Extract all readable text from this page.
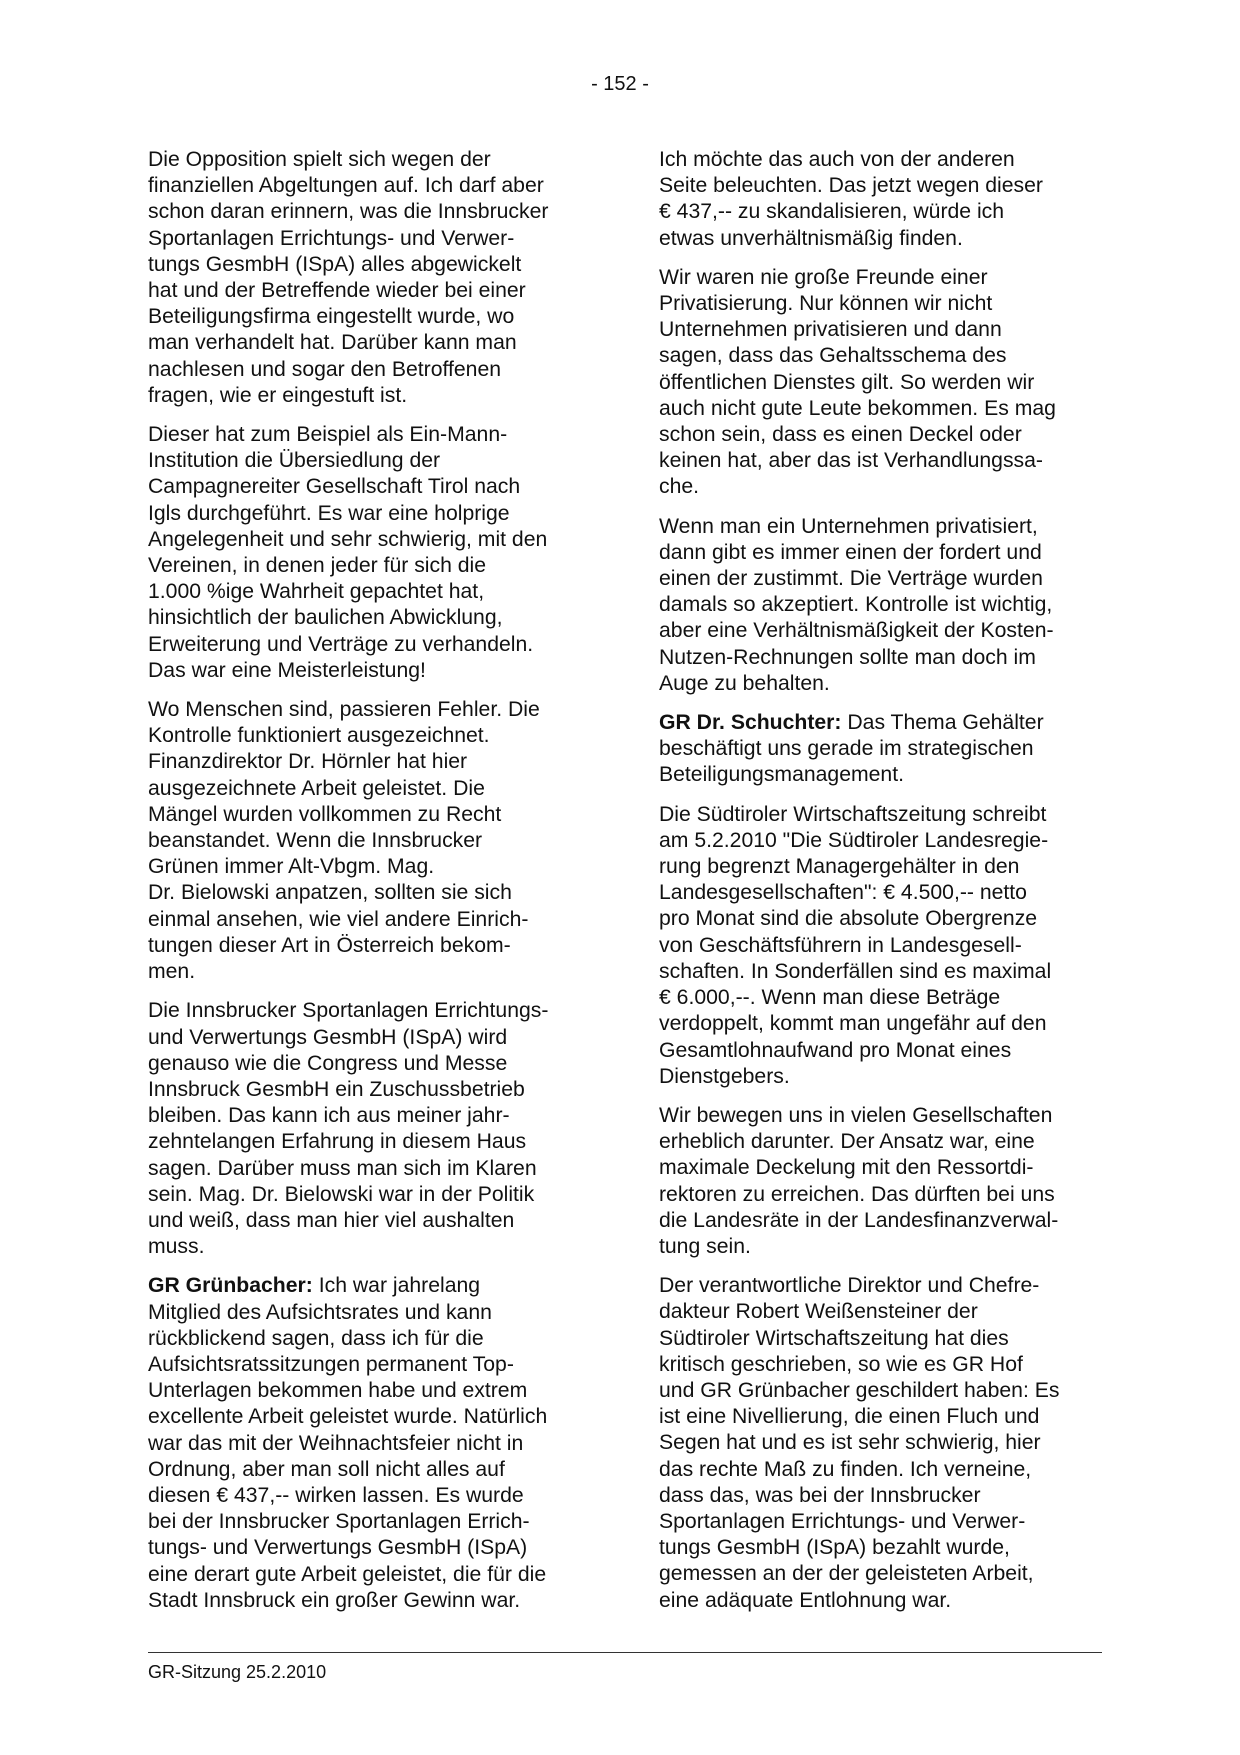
- 152 -

Die Opposition spielt sich wegen der
finanziellen Abgeltungen auf. Ich darf aber
schon daran erinnern, was die Innsbrucker
Sportanlagen Errichtungs- und Verwer-
tungs GesmbH (ISpA) alles abgewickelt
hat und der Betreffende wieder bei einer
Beteiligungsfirma eingestellt wurde, wo
man verhandelt hat. Darüber kann man
nachlesen und sogar den Betroffenen
fragen, wie er eingestuft ist.

Dieser hat zum Beispiel als Ein-Mann-
Institution die Übersiedlung der
Campagnereiter Gesellschaft Tirol nach
Igls durchgeführt. Es war eine holprige
Angelegenheit und sehr schwierig, mit den
Vereinen, in denen jeder für sich die
1.000 %ige Wahrheit gepachtet hat,
hinsichtlich der baulichen Abwicklung,
Erweiterung und Verträge zu verhandeln.
Das war eine Meisterleistung!

Wo Menschen sind, passieren Fehler. Die
Kontrolle funktioniert ausgezeichnet.
Finanzdirektor Dr. Hörnler hat hier
ausgezeichnete Arbeit geleistet. Die
Mängel wurden vollkommen zu Recht
beanstandet. Wenn die Innsbrucker
Grünen immer Alt-Vbgm. Mag.
Dr. Bielowski anpatzen, sollten sie sich
einmal ansehen, wie viel andere Einrich-
tungen dieser Art in Österreich bekom-
men.

Die Innsbrucker Sportanlagen Errichtungs-
und Verwertungs GesmbH (ISpA) wird
genauso wie die Congress und Messe
Innsbruck GesmbH ein Zuschussbetrieb
bleiben. Das kann ich aus meiner jahr-
zehntelangen Erfahrung in diesem Haus
sagen. Darüber muss man sich im Klaren
sein. Mag. Dr. Bielowski war in der Politik
und weiß, dass man hier viel aushalten
muss.

GR Grünbacher: Ich war jahrelang
Mitglied des Aufsichtsrates und kann
rückblickend sagen, dass ich für die
Aufsichtsratssitzungen permanent Top-
Unterlagen bekommen habe und extrem
excellente Arbeit geleistet wurde. Natürlich
war das mit der Weihnachtsfeier nicht in
Ordnung, aber man soll nicht alles auf
diesen € 437,-- wirken lassen. Es wurde
bei der Innsbrucker Sportanlagen Errich-
tungs- und Verwertungs GesmbH (ISpA)
eine derart gute Arbeit geleistet, die für die
Stadt Innsbruck ein großer Gewinn war.

Ich möchte das auch von der anderen
Seite beleuchten. Das jetzt wegen dieser
€ 437,-- zu skandalisieren, würde ich
etwas unverhältnismäßig finden.

Wir waren nie große Freunde einer
Privatisierung. Nur können wir nicht
Unternehmen privatisieren und dann
sagen, dass das Gehaltsschema des
öffentlichen Dienstes gilt. So werden wir
auch nicht gute Leute bekommen. Es mag
schon sein, dass es einen Deckel oder
keinen hat, aber das ist Verhandlungssa-
che.

Wenn man ein Unternehmen privatisiert,
dann gibt es immer einen der fordert und
einen der zustimmt. Die Verträge wurden
damals so akzeptiert. Kontrolle ist wichtig,
aber eine Verhältnismäßigkeit der Kosten-
Nutzen-Rechnungen sollte man doch im
Auge zu behalten.

GR Dr. Schuchter: Das Thema Gehälter
beschäftigt uns gerade im strategischen
Beteiligungsmanagement.

Die Südtiroler Wirtschaftszeitung schreibt
am 5.2.2010 "Die Südtiroler Landesregie-
rung begrenzt Managergehälter in den
Landesgesellschaften": € 4.500,-- netto
pro Monat sind die absolute Obergrenze
von Geschäftsführern in Landesgesell-
schaften. In Sonderfällen sind es maximal
€ 6.000,--. Wenn man diese Beträge
verdoppelt, kommt man ungefähr auf den
Gesamtlohnaufwand pro Monat eines
Dienstgebers.

Wir bewegen uns in vielen Gesellschaften
erheblich darunter. Der Ansatz war, eine
maximale Deckelung mit den Ressortdi-
rektoren zu erreichen. Das dürften bei uns
die Landesräte in der Landesfinanzverwal-
tung sein.

Der verantwortliche Direktor und Chefre-
dakteur Robert Weißensteiner der
Südtiroler Wirtschaftszeitung hat dies
kritisch geschrieben, so wie es GR Hof
und GR Grünbacher geschildert haben: Es
ist eine Nivellierung, die einen Fluch und
Segen hat und es ist sehr schwierig, hier
das rechte Maß zu finden. Ich verneine,
dass das, was bei der Innsbrucker
Sportanlagen Errichtungs- und Verwer-
tungs GesmbH (ISpA) bezahlt wurde,
gemessen an der der geleisteten Arbeit,
eine adäquate Entlohnung war.

GR-Sitzung 25.2.2010
